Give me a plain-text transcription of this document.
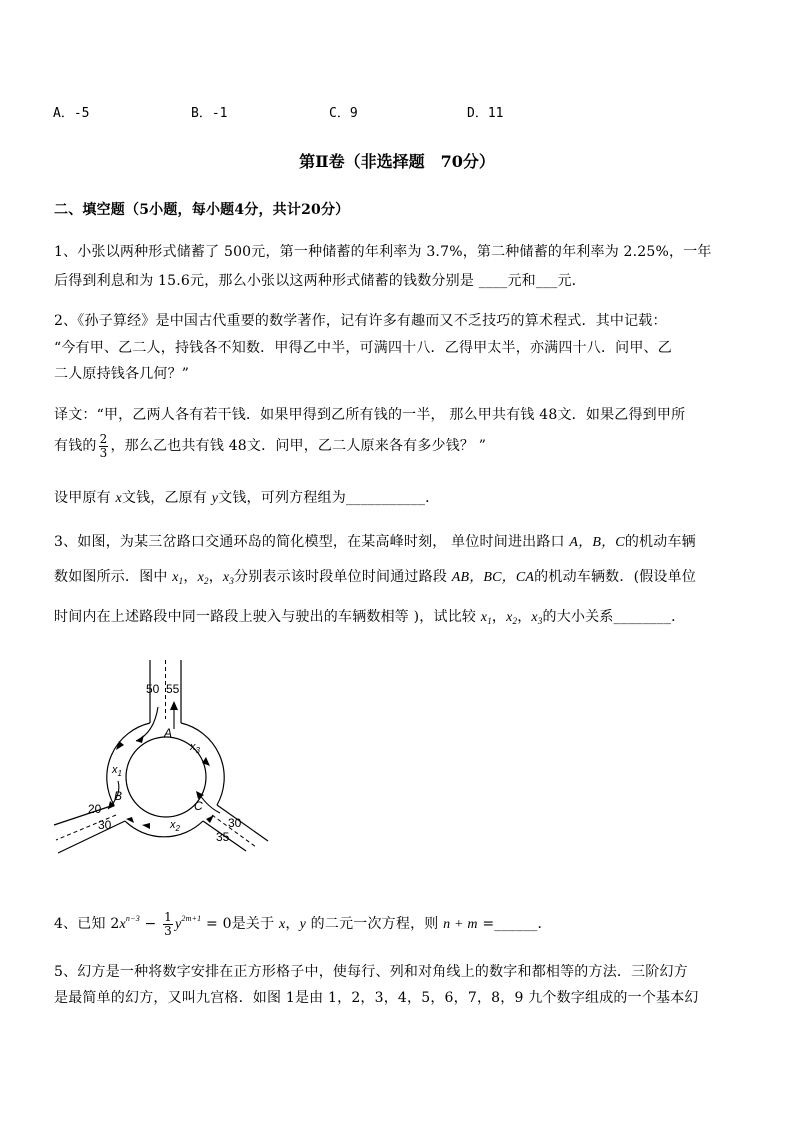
A．-5	B．-1	C．9	D．11
第Ⅱ卷（非选择题　70分）
二、填空题（5小题，每小题4分，共计20分）
1、小张以两种形式储蓄了 500元，第一种储蓄的年利率为 3.7%，第二种储蓄的年利率为 2.25%，一年
后得到利息和为 15.6元，那么小张以这两种形式储蓄的钱数分别是 ____元和___元．
2、《孙子算经》是中国古代重要的数学著作，记有许多有趣而又不乏技巧的算术程式．其中记载：
“今有甲、乙二人，持钱各不知数．甲得乙中半，可满四十八．乙得甲太半，亦满四十八．问甲、乙
二人原持钱各几何？”
译文：“甲，乙两人各有若干钱．如果甲得到乙所有钱的一半， 那么甲共有钱 48文．如果乙得到甲所
有钱的 $\frac{2}{3}$ ，那么乙也共有钱 48文．问甲，乙二人原来各有多少钱？ ”
设甲原有 x文钱，乙原有 y文钱，可列方程组为___________．
3、如图，为某三岔路口交通环岛的简化模型，在某高峰时刻， 单位时间进出路口 A，B，C的机动车辆
数如图所示．图中 $x_1$，$x_2$，$x_3$分别表示该时段单位时间通过路段 AB，BC，CA的机动车辆数．(假设单位
时间内在上述路段中同一路段上驶入与驶出的车辆数相等 )，试比较 $x_1$，$x_2$，$x_3$的大小关系________．
50 55
A
$x_3$
$x_1$
B
C
20
30	$x_2$	30
35
4、已知 $2x^{n-3} - \frac{1}{3} y^{2m+1} = 0$是关于 x，y 的二元一次方程，则 n + m =______．
5、幻方是一种将数字安排在正方形格子中，使每行、列和对角线上的数字和都相等的方法．三阶幻方
是最简单的幻方，又叫九宫格．如图 1是由 1，2，3，4，5，6，7，8，9 九个数字组成的一个基本幻
